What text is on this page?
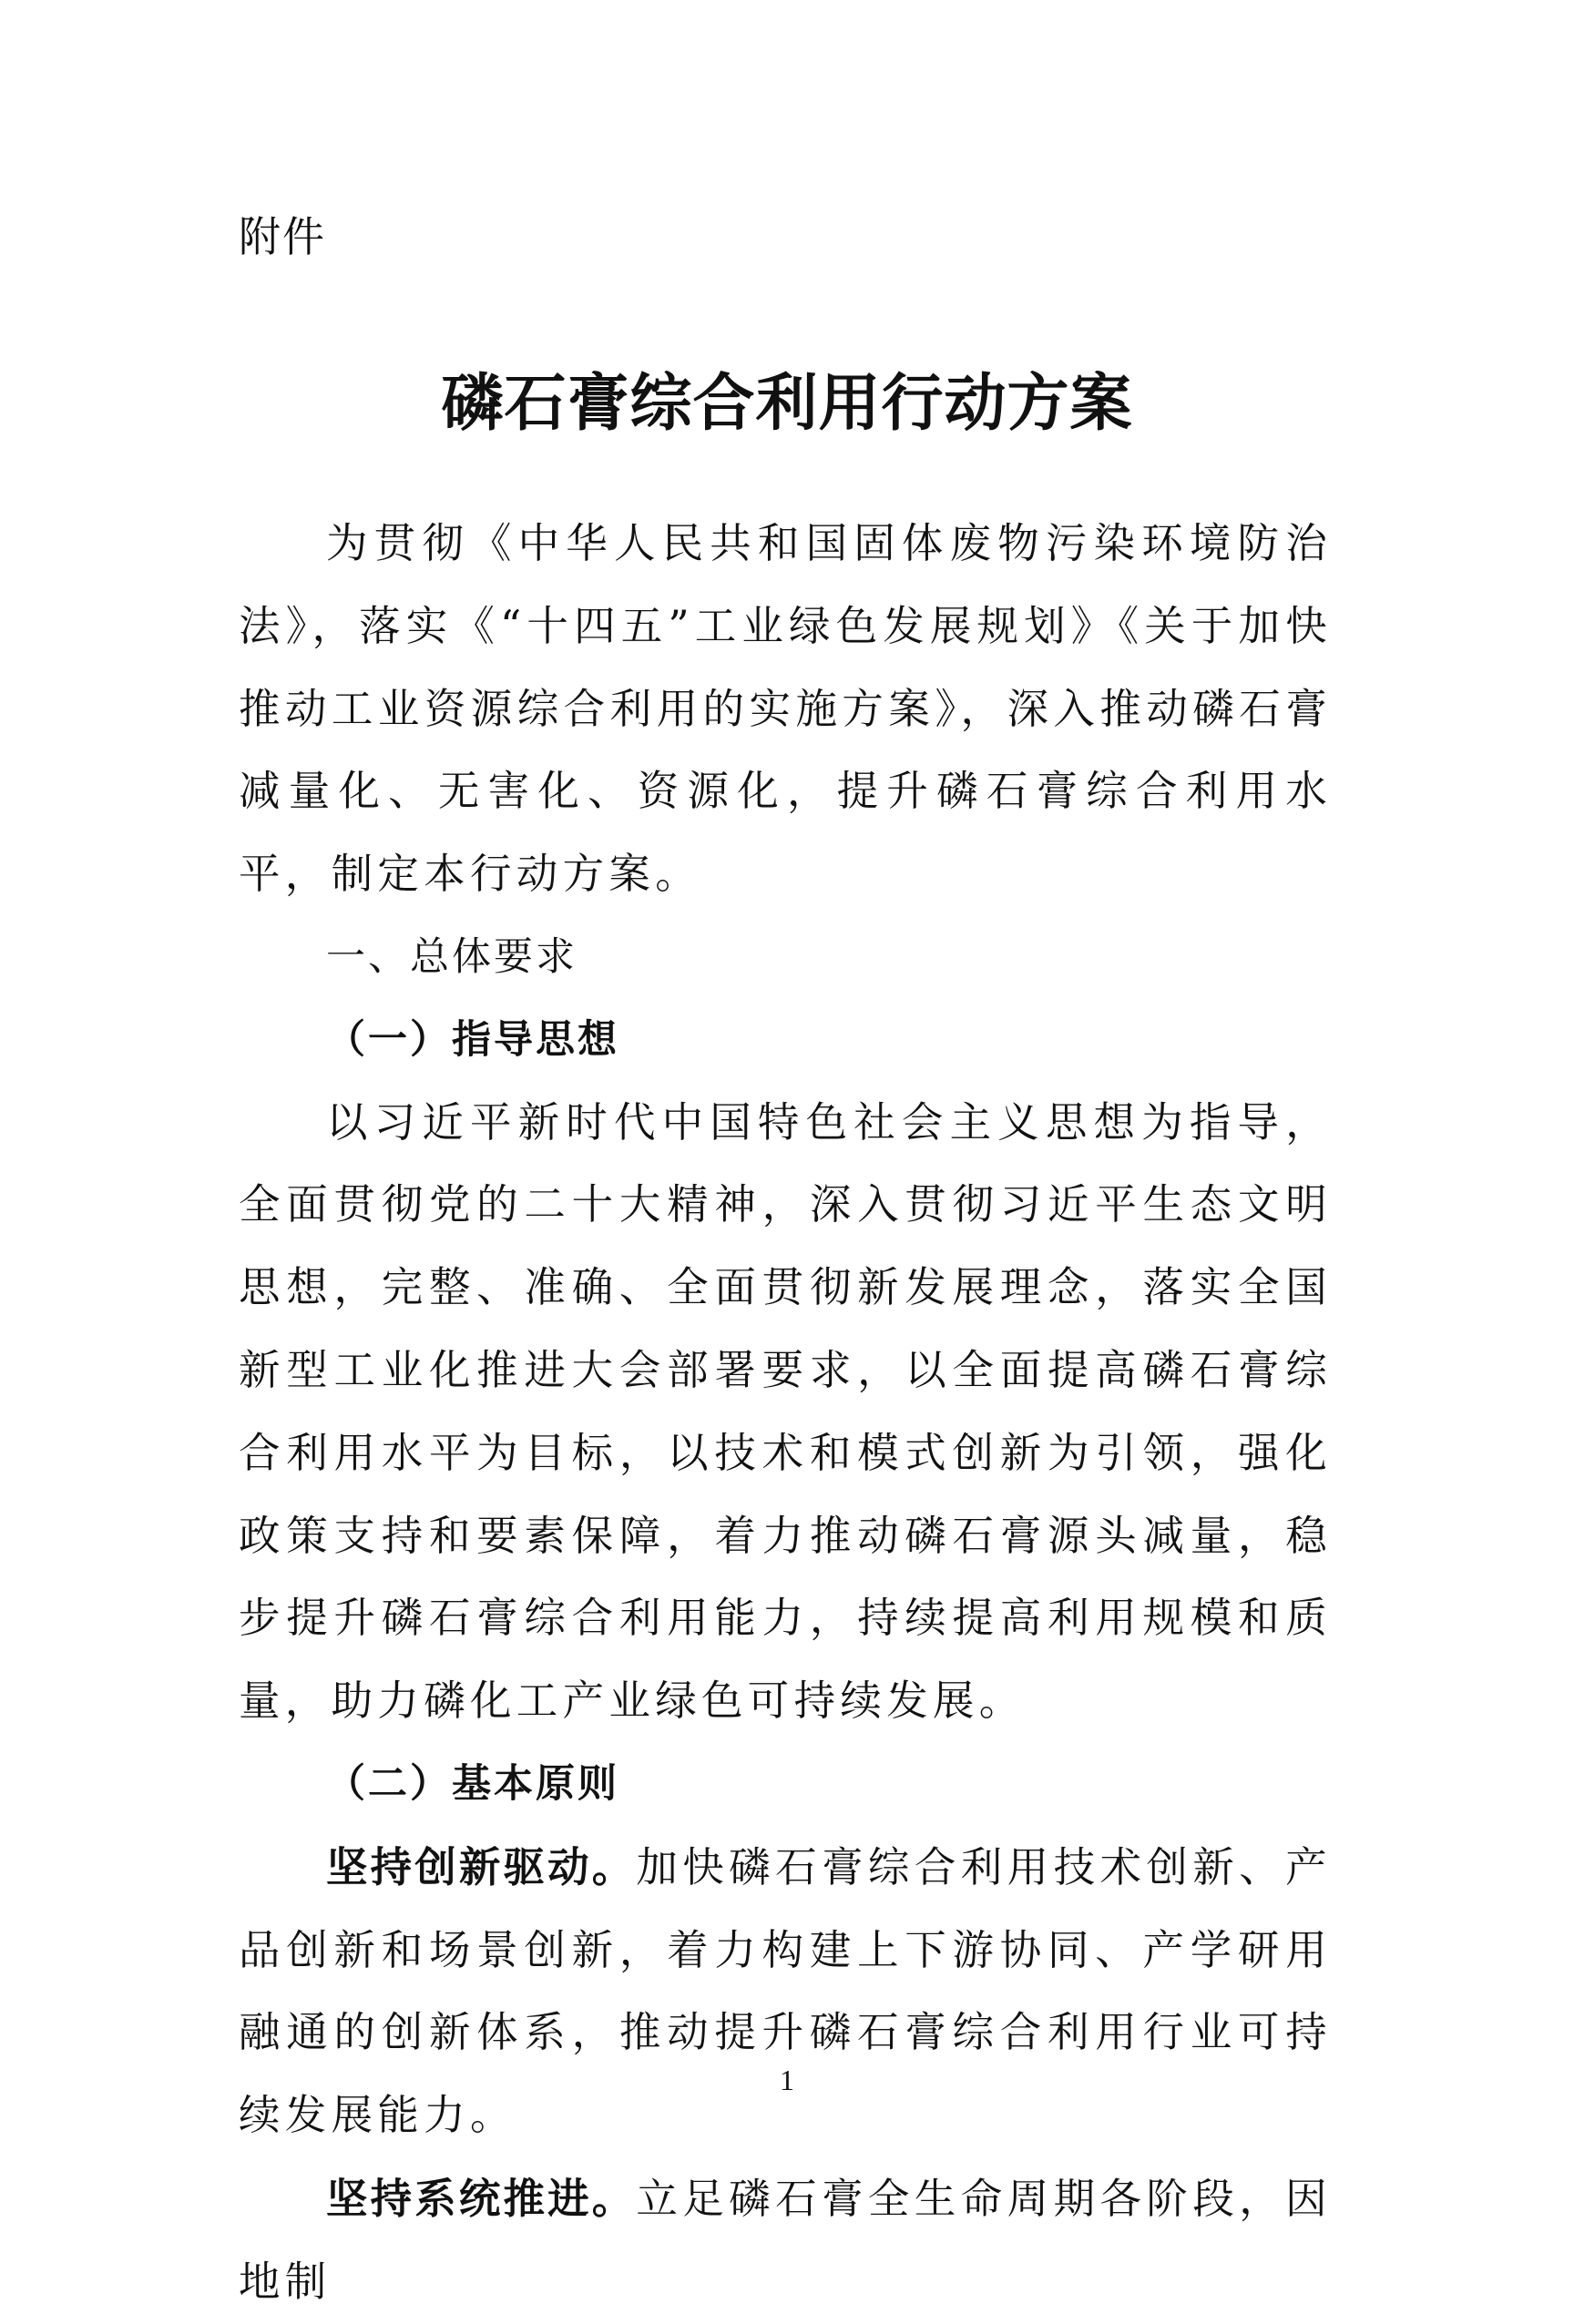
附件
磷石膏综合利用行动方案

为贯彻《中华人民共和国固体废物污染环境防治法》，落实《“十四五”工业绿色发展规划》《关于加快推动工业资源综合利用的实施方案》，深入推动磷石膏减量化、无害化、资源化，提升磷石膏综合利用水平，制定本行动方案。

一、总体要求

（一）指导思想

以习近平新时代中国特色社会主义思想为指导，全面贯彻党的二十大精神，深入贯彻习近平生态文明思想，完整、准确、全面贯彻新发展理念，落实全国新型工业化推进大会部署要求，以全面提高磷石膏综合利用水平为目标，以技术和模式创新为引领，强化政策支持和要素保障，着力推动磷石膏源头减量，稳步提升磷石膏综合利用能力，持续提高利用规模和质量，助力磷化工产业绿色可持续发展。

（二）基本原则

坚持创新驱动。加快磷石膏综合利用技术创新、产品创新和场景创新，着力构建上下游协同、产学研用融通的创新体系，推动提升磷石膏综合利用行业可持续发展能力。

坚持系统推进。立足磷石膏全生命周期各阶段，因地制

1
